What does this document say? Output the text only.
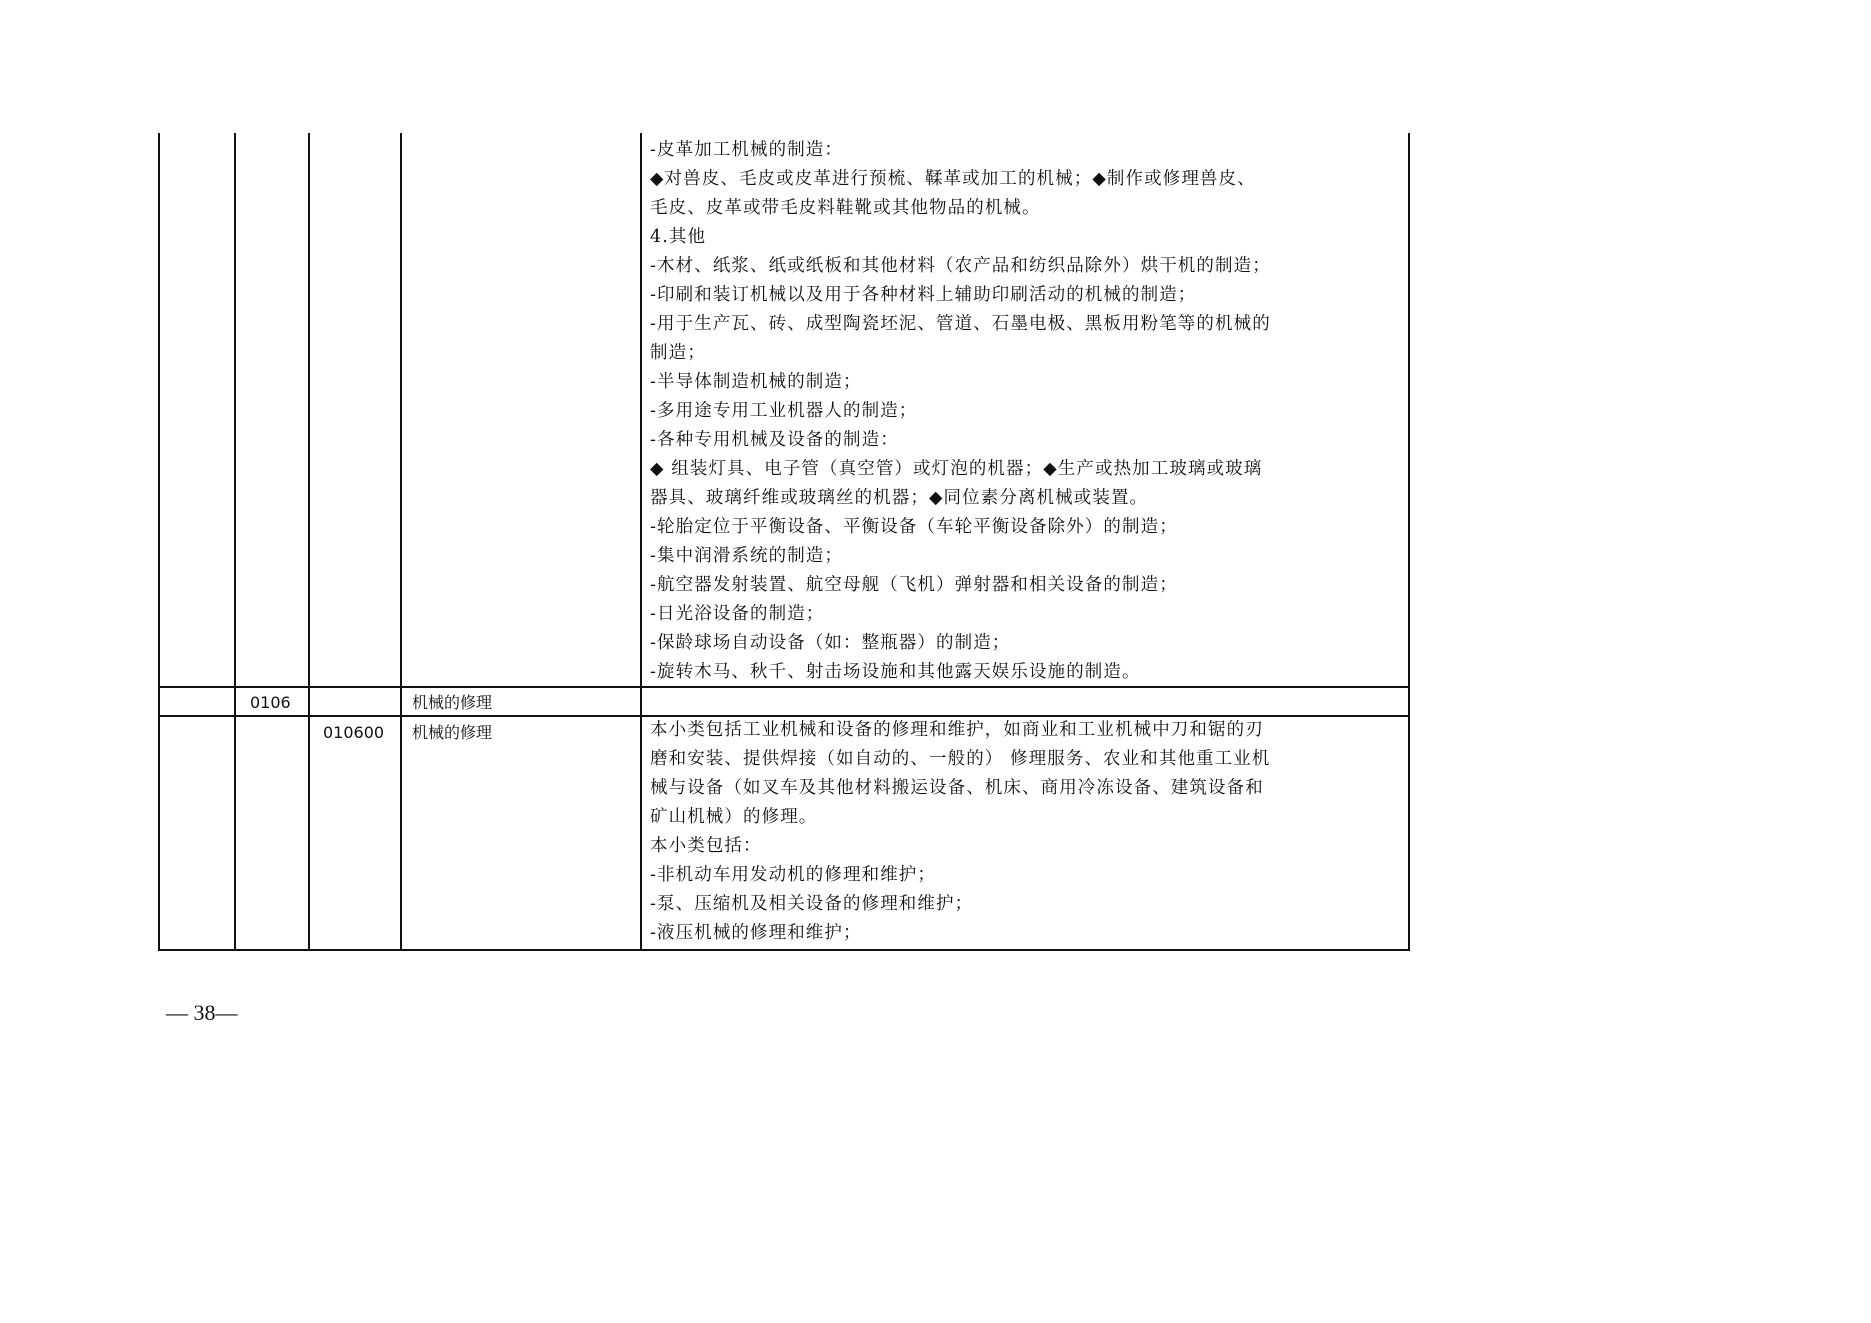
-皮革加工机械的制造：
◆对兽皮、毛皮或皮革进行预梳、鞣革或加工的机械；◆制作或修理兽皮、
毛皮、皮革或带毛皮料鞋靴或其他物品的机械。
4.其他
-木材、纸浆、纸或纸板和其他材料（农产品和纺织品除外）烘干机的制造；
-印刷和装订机械以及用于各种材料上辅助印刷活动的机械的制造；
-用于生产瓦、砖、成型陶瓷坯泥、管道、石墨电极、黑板用粉笔等的机械的
制造；
-半导体制造机械的制造；
-多用途专用工业机器人的制造；
-各种专用机械及设备的制造：
◆ 组装灯具、电子管（真空管）或灯泡的机器；◆生产或热加工玻璃或玻璃
器具、玻璃纤维或玻璃丝的机器；◆同位素分离机械或装置。
-轮胎定位于平衡设备、平衡设备（车轮平衡设备除外）的制造；
-集中润滑系统的制造；
-航空器发射装置、航空母舰（飞机）弹射器和相关设备的制造；
-日光浴设备的制造；
-保龄球场自动设备（如：整瓶器）的制造；
-旋转木马、秋千、射击场设施和其他露天娱乐设施的制造。
0106	机械的修理
010600 机械的修理	本小类包括工业机械和设备的修理和维护，如商业和工业机械中刀和锯的刃
磨和安装、提供焊接（如自动的、一般的） 修理服务、农业和其他重工业机
械与设备（如叉车及其他材料搬运设备、机床、商用冷冻设备、建筑设备和
矿山机械）的修理。
本小类包括：
-非机动车用发动机的修理和维护；
-泵、压缩机及相关设备的修理和维护；
-液压机械的修理和维护；
— 38—
